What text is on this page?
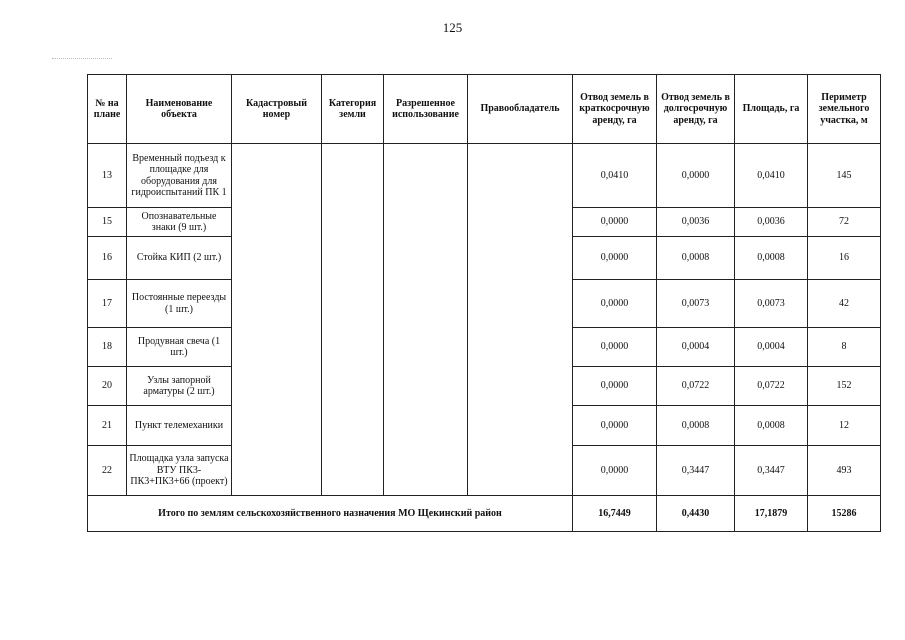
125
№ на плане	Наименование объекта	Кадастровый номер	Категория земли	Разрешенное использование	Правообладатель	Отвод земель в краткосрочную аренду, га	Отвод земель в долгосрочную аренду, га	Площадь, га	Периметр земельного участка, м
13	Временный подъезд к площадке для оборудования для гидроиспытаний ПК 1					0,0410	0,0000	0,0410	145
15	Опознавательные знаки (9 шт.)					0,0000	0,0036	0,0036	72
16	Стойка КИП (2 шт.)					0,0000	0,0008	0,0008	16
17	Постоянные переезды (1 шт.)					0,0000	0,0073	0,0073	42
18	Продувная свеча (1 шт.)					0,0000	0,0004	0,0004	8
20	Узлы запорной арматуры (2 шт.)					0,0000	0,0722	0,0722	152
21	Пункт телемеханики					0,0000	0,0008	0,0008	12
22	Площадка узла запуска ВТУ ПК3-ПК3+ПК3+66 (проект)					0,0000	0,3447	0,3447	493
Итого по землям сельскохозяйственного назначения МО Щекинский район						16,7449	0,4430	17,1879	15286
